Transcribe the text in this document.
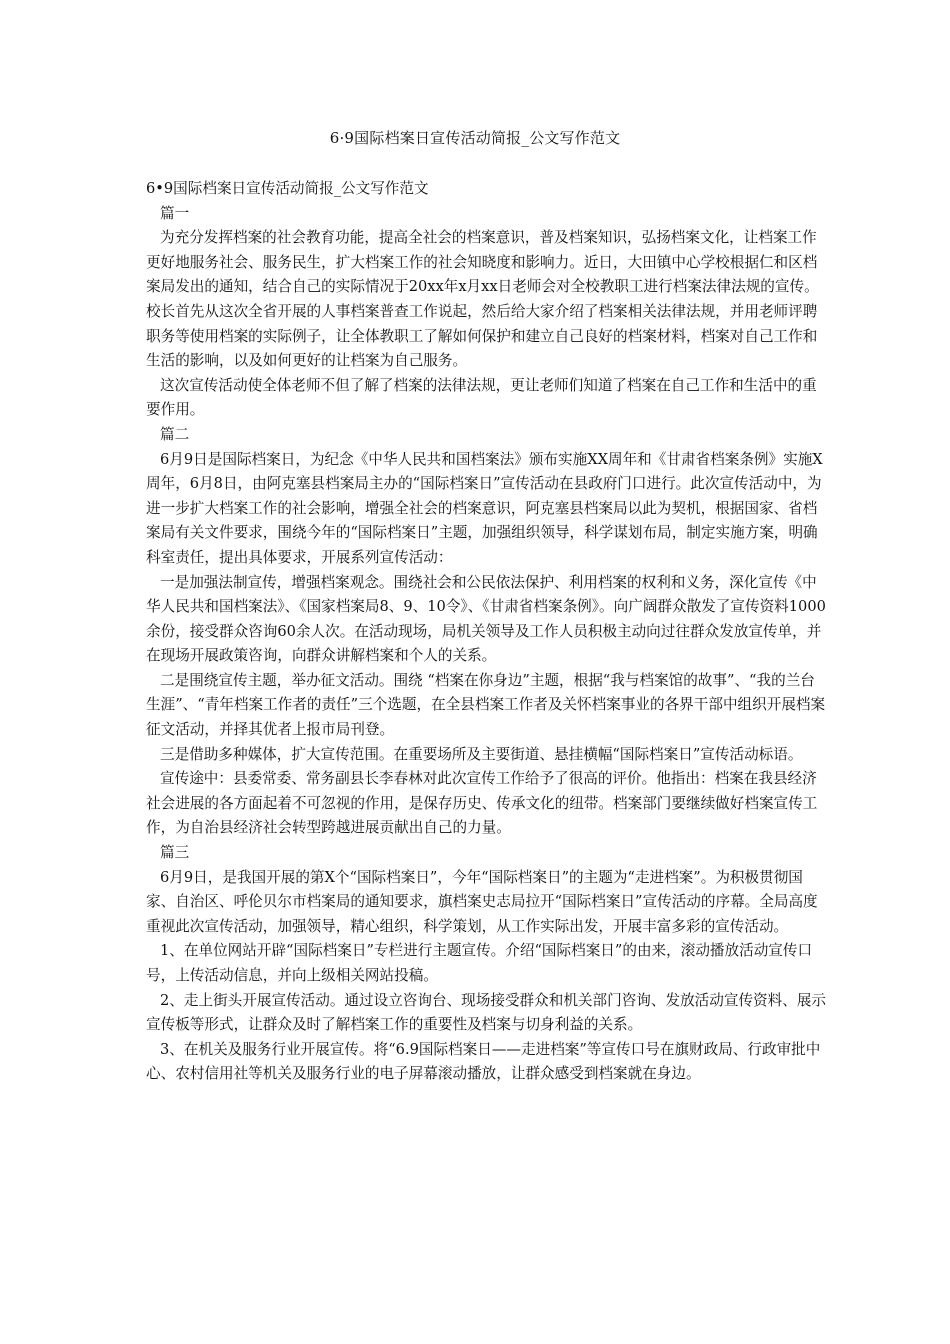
6·9国际档案日宣传活动简报_公文写作范文

6•9国际档案日宣传活动简报_公文写作范文

篇一

为充分发挥档案的社会教育功能，提高全社会的档案意识，普及档案知识，弘扬档案文化，让档案工作更好地服务社会、服务民生，扩大档案工作的社会知晓度和影响力。近日，大田镇中心学校根据仁和区档案局发出的通知，结合自己的实际情况于20xx年x月xx日老师会对全校教职工进行档案法律法规的宣传。校长首先从这次全省开展的人事档案普查工作说起，然后给大家介绍了档案相关法律法规，并用老师评聘职务等使用档案的实际例子，让全体教职工了解如何保护和建立自己良好的档案材料，档案对自己工作和生活的影响，以及如何更好的让档案为自己服务。

这次宣传活动使全体老师不但了解了档案的法律法规，更让老师们知道了档案在自己工作和生活中的重要作用。

篇二

6月9日是国际档案日，为纪念《中华人民共和国档案法》颁布实施XX周年和《甘肃省档案条例》实施X周年，6月8日，由阿克塞县档案局主办的“国际档案日”宣传活动在县政府门口进行。此次宣传活动中，为进一步扩大档案工作的社会影响，增强全社会的档案意识，阿克塞县档案局以此为契机，根据国家、省档案局有关文件要求，围绕今年的“国际档案日”主题，加强组织领导，科学谋划布局，制定实施方案，明确科室责任，提出具体要求，开展系列宣传活动：

一是加强法制宣传，增强档案观念。围绕社会和公民依法保护、利用档案的权利和义务，深化宣传《中华人民共和国档案法》、《国家档案局8、9、10令》、《甘肃省档案条例》。向广阔群众散发了宣传资料1000余份，接受群众咨询60余人次。在活动现场，局机关领导及工作人员积极主动向过往群众发放宣传单，并在现场开展政策咨询，向群众讲解档案和个人的关系。

二是围绕宣传主题，举办征文活动。围绕 “档案在你身边”主题，根据“我与档案馆的故事”、“我的兰台生涯”、“青年档案工作者的责任”三个选题，在全县档案工作者及关怀档案事业的各界干部中组织开展档案征文活动，并择其优者上报市局刊登。

三是借助多种媒体，扩大宣传范围。在重要场所及主要街道、悬挂横幅“国际档案日”宣传活动标语。

宣传途中：县委常委、常务副县长李春林对此次宣传工作给予了很高的评价。他指出：档案在我县经济社会进展的各方面起着不可忽视的作用，是保存历史、传承文化的纽带。档案部门要继续做好档案宣传工作，为自治县经济社会转型跨越进展贡献出自己的力量。

篇三

6月9日，是我国开展的第X个“国际档案日”，今年“国际档案日”的主题为“走进档案”。为积极贯彻国家、自治区、呼伦贝尔市档案局的通知要求，旗档案史志局拉开“国际档案日”宣传活动的序幕。全局高度重视此次宣传活动，加强领导，精心组织，科学策划，从工作实际出发，开展丰富多彩的宣传活动。

1、在单位网站开辟“国际档案日”专栏进行主题宣传。介绍“国际档案日”的由来，滚动播放活动宣传口号，上传活动信息，并向上级相关网站投稿。

2、走上街头开展宣传活动。通过设立咨询台、现场接受群众和机关部门咨询、发放活动宣传资料、展示宣传板等形式，让群众及时了解档案工作的重要性及档案与切身利益的关系。

3、在机关及服务行业开展宣传。将“6.9国际档案日——走进档案”等宣传口号在旗财政局、行政审批中心、农村信用社等机关及服务行业的电子屏幕滚动播放，让群众感受到档案就在身边。
